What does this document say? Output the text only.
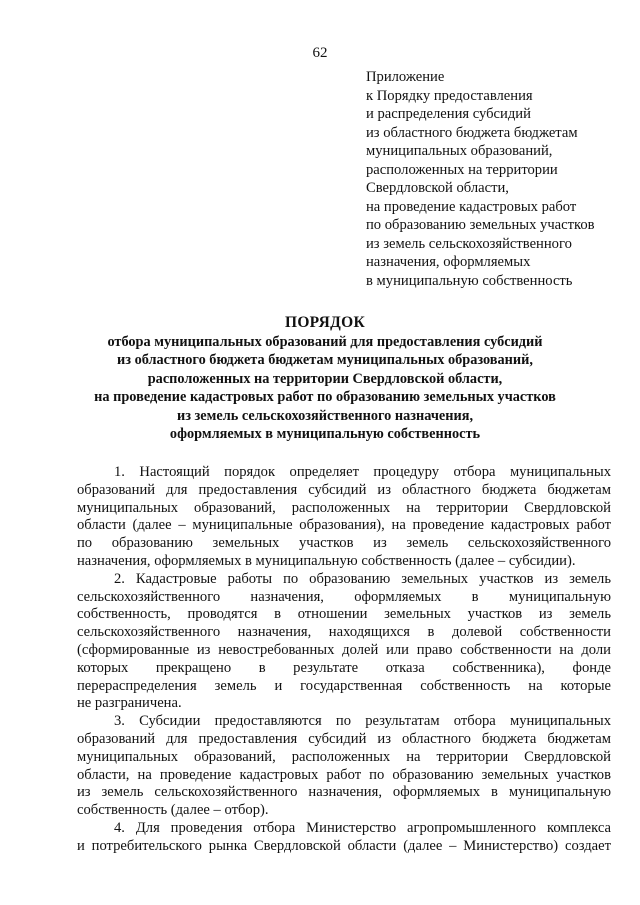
62
Приложение
к Порядку предоставления
и распределения субсидий
из областного бюджета бюджетам
муниципальных образований,
расположенных на территории
Свердловской области,
на проведение кадастровых работ
по образованию земельных участков
из земель сельскохозяйственного
назначения, оформляемых
в муниципальную собственность
ПОРЯДОК
отбора муниципальных образований для предоставления субсидий
из областного бюджета бюджетам муниципальных образований,
расположенных на территории Свердловской области,
на проведение кадастровых работ по образованию земельных участков
из земель сельскохозяйственного назначения,
оформляемых в муниципальную собственность
1. Настоящий порядок определяет процедуру отбора муниципальных
образований для предоставления субсидий из областного бюджета бюджетам
муниципальных образований, расположенных на территории Свердловской
области (далее – муниципальные образования), на проведение кадастровых работ
по образованию земельных участков из земель сельскохозяйственного
назначения, оформляемых в муниципальную собственность (далее – субсидии).
2. Кадастровые работы по образованию земельных участков из земель
сельскохозяйственного назначения, оформляемых в муниципальную
собственность, проводятся в отношении земельных участков из земель
сельскохозяйственного назначения, находящихся в долевой собственности
(сформированные из невостребованных долей или право собственности на доли
которых прекращено в результате отказа собственника), фонде
перераспределения земель и государственная собственность на которые
не разграничена.
3. Субсидии предоставляются по результатам отбора муниципальных
образований для предоставления субсидий из областного бюджета бюджетам
муниципальных образований, расположенных на территории Свердловской
области, на проведение кадастровых работ по образованию земельных участков
из земель сельскохозяйственного назначения, оформляемых в муниципальную
собственность (далее – отбор).
4. Для проведения отбора Министерство агропромышленного комплекса
и потребительского рынка Свердловской области (далее – Министерство) создает
